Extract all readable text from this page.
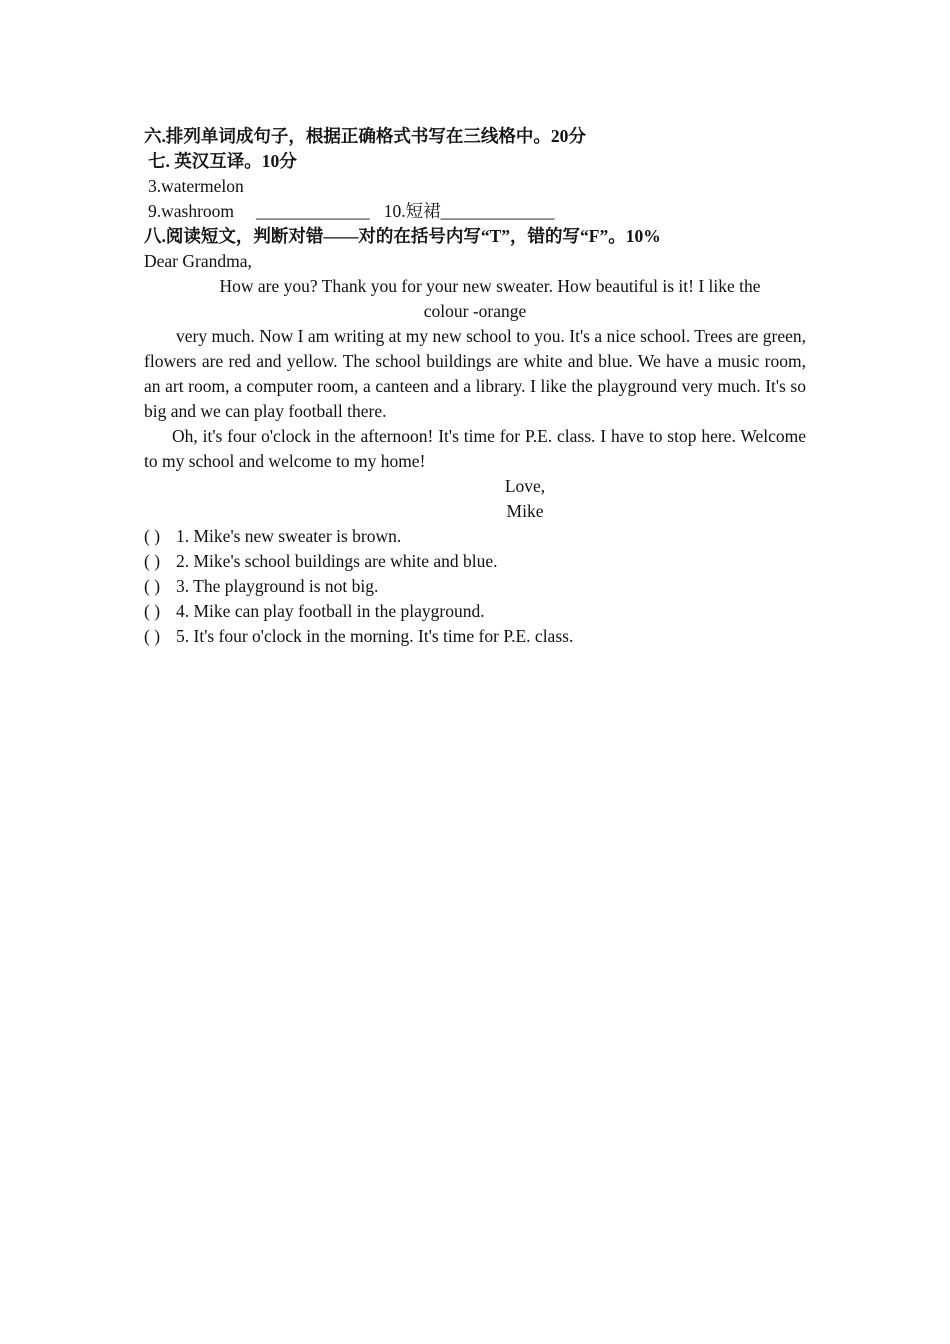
六.排列单词成句子，根据正确格式书写在三线格中。20分
七. 英汉互译。10分
3.watermelon
9.washroom _____________ 10.短裙_____________
八.阅读短文，判断对错——对的在括号内写“T”，错的写“F”。10%
Dear Grandma,
How are you? Thank you for your new sweater. How beautiful is it! I like the
colour -orange
very much. Now I am writing at my new school to you. It's a nice school. Trees are green, flowers are red and yellow. The school buildings are white and blue. We have a music room, an art room, a computer room, a canteen and a library. I like the playground very much. It's so big and we can play football there.
Oh, it's four o'clock in the afternoon! It's time for P.E. class. I have to stop here. Welcome to my school and welcome to my home!
Love,
Mike
( ) 1. Mike's new sweater is brown.
( ) 2. Mike's school buildings are white and blue.
( ) 3. The playground is not big.
( ) 4. Mike can play football in the playground.
( ) 5. It's four o'clock in the morning. It's time for P.E. class.
